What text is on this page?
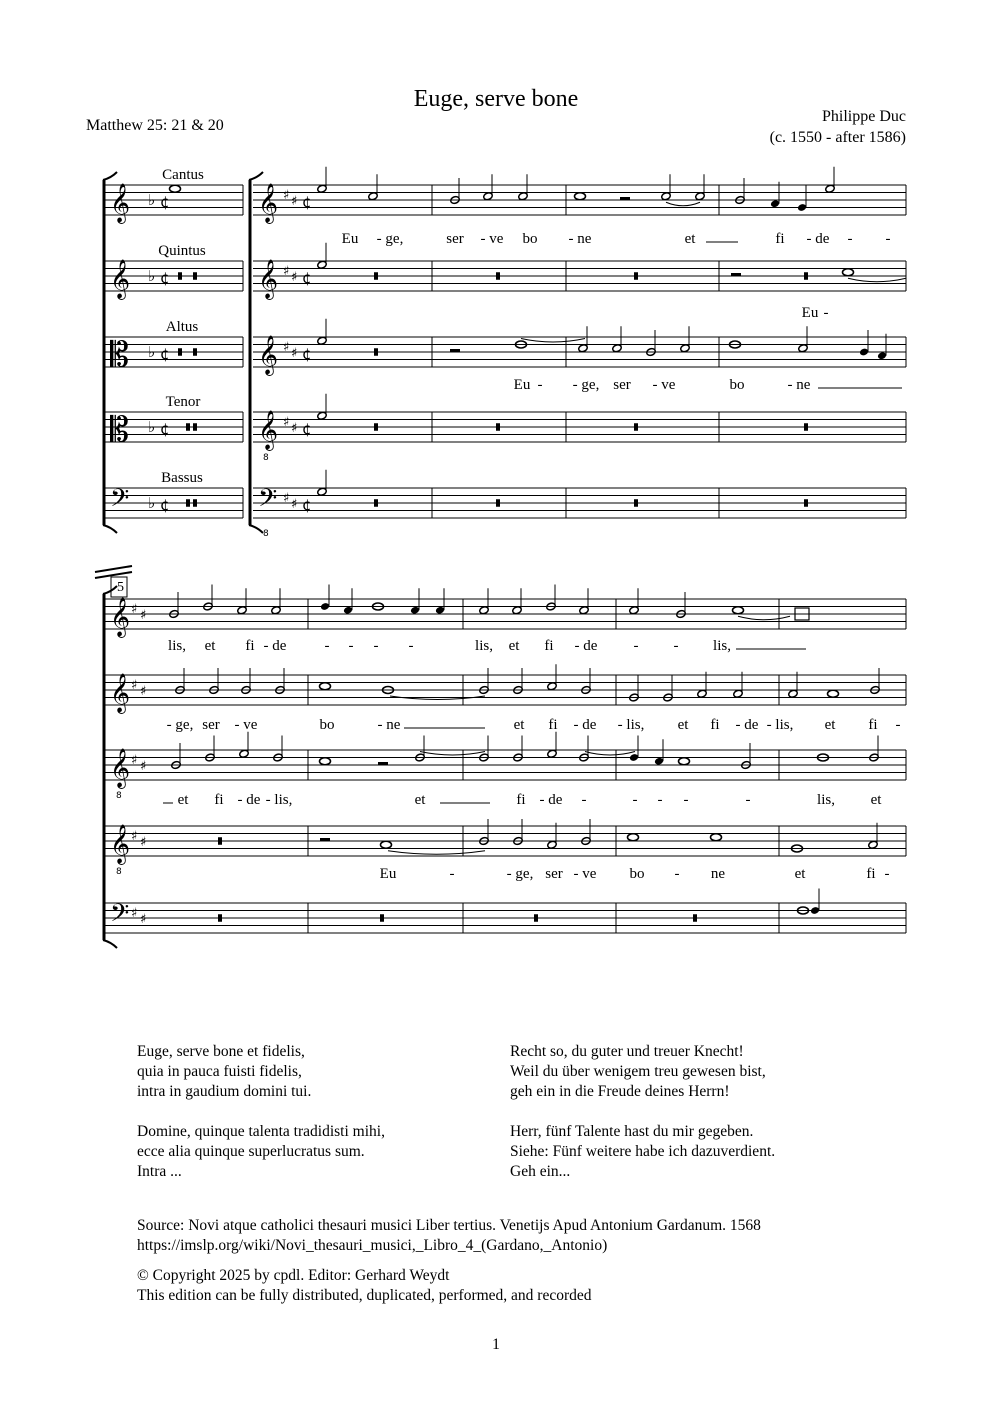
Euge, serve bone
Matthew 25: 21 & 20
Philippe Duc
(c. 1550 - after 1586)
𝄞 ♭ ¢	𝄞 ♯ ♯ ¢
𝄞 ♭ ¢	𝄞 ♯ ♯ ¢
𝄡 ♭ ¢	𝄞 ♯ ♯ ¢
𝄡 ♭ ¢	𝄞 ♯ ♯ ¢
𝄢 ♭ ¢	𝄢 ♯ ♯ ¢
8
8
5
𝄞 ♯ ♯
𝄞 ♯ ♯
𝄞 ♯ ♯
8
𝄞 ♯ ♯
8
𝄢 ♯ ♯
Cantus
Quintus
Altus
Tenor
Bassus
Eu - ge,	ser - ve bo - ne	et	fi - de - -
Eu -
Eu - - ge, ser - ve	bo	- ne
lis, et fi - de	- - - -	lis, et fi - de - - lis,
- ge, ser - ve	bo	- ne	et fi - de - lis, et fi - de - lis, et fi -
et fi - de - lis,	et	fi - de -	- - -	-	lis, et
Eu	-	- ge, ser - ve bo - ne	et	fi -
Euge, serve bone et fidelis,
quia in pauca fuisti fidelis,
intra in gaudium domini tui.
Domine, quinque talenta tradidisti mihi,
ecce alia quinque superlucratus sum.
Intra ...
Recht so, du guter und treuer Knecht!
Weil du über wenigem treu gewesen bist,
geh ein in die Freude deines Herrn!
Herr, fünf Talente hast du mir gegeben.
Siehe: Fünf weitere habe ich dazuverdient.
Geh ein...
Source: Novi atque catholici thesauri musici Liber tertius. Venetijs Apud Antonium Gardanum. 1568
https://imslp.org/wiki/Novi_thesauri_musici,_Libro_4_(Gardano,_Antonio)
© Copyright 2025 by cpdl. Editor: Gerhard Weydt
This edition can be fully distributed, duplicated, performed, and recorded
1
